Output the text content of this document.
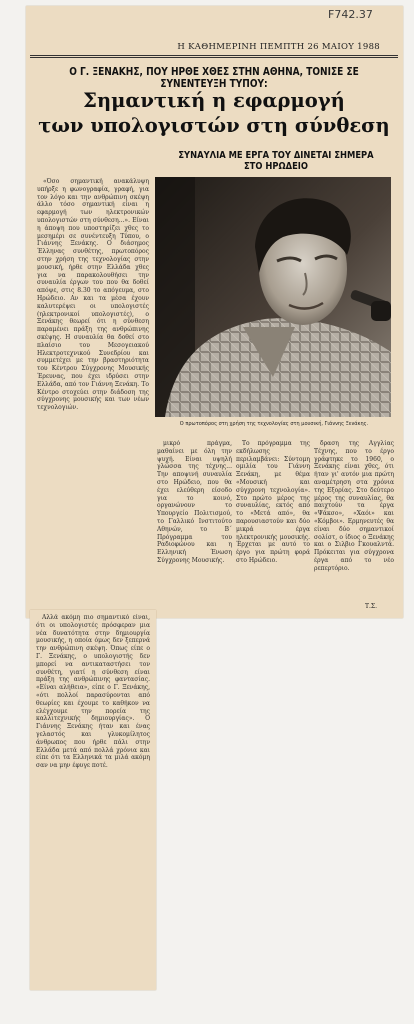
F742.37
Η ΚΑΘΗΜΕΡΙΝΗ ΠΕΜΠΤΗ 26 ΜΑΙΟΥ 1988
Ο Γ. ΞΕΝΑΚΗΣ, ΠΟΥ ΗΡΘΕ ΧΘΕΣ ΣΤΗΝ ΑΘΗΝΑ, ΤΟΝΙΣΕ ΣΕ ΣΥΝΕΝΤΕΥΞΗ ΤΥΠΟΥ:
Σημαντική η εφαρμογή
των υπολογιστών στη σύνθεση
ΣΥΝΑΥΛΙΑ ΜΕ ΕΡΓΑ ΤΟΥ ΔΙΝΕΤΑΙ ΣΗΜΕΡΑ ΣΤΟ ΗΡΩΔΕΙΟ
Ο πρωτοπόρος στη χρήση της τεχνολογίας στη μουσική, Γιάννης Ξενάκης.

«Όσο σημαντική ανακάλυψη υπήρξε η φωνογραφία, γραφή, για τον λόγο και την ανθρώπινη σκέψη άλλο τόσο σημαντική είναι η εφαρμογή των ηλεκτρονικών υπολογιστών στη σύνθεση...». Είναι η άποψη που υποστηρίζει χθες το μεσημέρι σε συνέντευξη Τύπου, ο Γιάννης Ξενάκης. Ο διάσημος Έλληνας συνθέτης, πρωτοπόρος στην χρήση της τεχνολογίας στην μουσική, ήρθε στην Ελλάδα χθες για να παρακολουθήσει την συναυλία έργων του που θα δοθεί απόψε, στις 8.30 το απόγευμα, στο Ηρώδειο. Αν και τα μέσα έχουν καλυτερέψει οι υπολογιστές (ηλεκτρονικοί υπολογιστές), ο Ξενάκης θεωρεί ότι η σύνθεση παραμένει πράξη της ανθρώπινης σκέψης. Η συναυλία θα δοθεί στο πλαίσιο του Μεσογειακού Ηλεκτροτεχνικού Συνεδρίου και συμμετέχει με την βραστηριότητα του Κέντρου Σύγχρονης Μουσικής Έρευνας, που έχει ιδρύσει στην Ελλάδα, από τον Γιάννη Ξενάκη. Το Κέντρο στοχεύει στην διάδοση της σύγχρονης μουσικής και των νέων τεχνολογιών.

μικρό πράγμα, μαθαίνει με όλη την ψυχή. Είναι υψηλή γλώσσα της τέχνης... Την αποψινή συναυλία στο Ηρώδειο, που θα έχει ελεύθερη είσοδο για το κοινό, οργανώνουν το Υπουργείο Πολιτισμού, το Γαλλικό Ινστιτούτο Αθηνών, το Β΄ Πρόγραμμα του Ραδιοφώνου και η Ελληνική Ένωση Σύγχρονης Μουσικής.

Το πρόγραμμα της εκδήλωσης περιλαμβάνει: Σύντομη ομιλία του Γιάννη Ξενάκη, με θέμα «Μουσική και σύγχρονη τεχνολογία». Στο πρώτο μέρος της συναυλίας, εκτός από το «Μετά από», θα παρουσιαστούν και δύο μικρά έργα ηλεκτρονικής μουσικής. Έρχεται με αυτό το έργο για πρώτη φορά στο Ηρώδειο.

δραση της Αγγλίας Τέχνης, που το έργο γράφτηκε το 1960, ο Ξενάκης είναι χθες, ότι ήταν γι' αυτόν μια πρώτη αναμέτρηση στα χρόνια της Εξορίας. Στο δεύτερο μέρος της συναυλίας, θα παιχτούν τα έργα «Ψάκσο», «Χαόι» και «Κόμβοι». Ερμηνευτές θα είναι δύο σημαντικοί σολίστ, ο ίδιος ο Ξενάκης και ο Σιλβιο Γκουαλντά. Πρόκειται για σύγχρονα έργα από το νέο ρεπερτόριο.

Αλλά ακόμη πιο σημαντικό είναι, ότι οι υπολογιστές πρόσφεραν μια νέα δυνατότητα στην δημιουργία μουσικής, η οποία όμως δεν ξεπερνά την ανθρώπινη σκέψη. Όπως είπε ο Γ. Ξενάκης, ο υπολογιστής δεν μπορεί να αντικαταστήσει τον συνθέτη, γιατί η σύνθεση είναι πράξη της ανθρώπινης φαντασίας. «Είναι αλήθεια», είπε ο Γ. Ξενάκης, «ότι πολλοί παρασύρονται από θεωρίες και έχουμε το καθήκον να ελέγχουμε την πορεία της καλλιτεχνικής δημιουργίας». Ο Γιάννης Ξενάκης ήταν και ένας γελαστός και γλυκομίλητος άνθρωπος που ήρθε πάλι στην Ελλάδα μετά από πολλά χρόνια και είπε ότι τα Ελληνικά τα μιλά ακόμη σαν να μην έφυγε ποτέ.

Τ.Σ.
